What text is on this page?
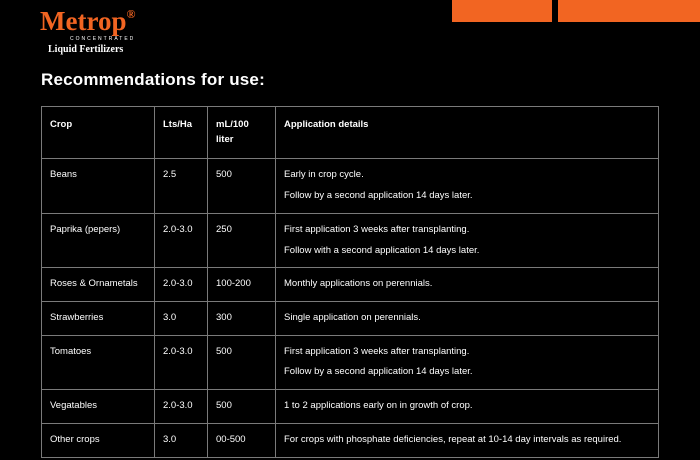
Metrop®
CONCENTRATED
Liquid Fertilizers
Recommendations for use:
Crop	Lts/Ha	mL/100 liter	Application details
Beans	2.5	500	Early in crop cycle.
Follow by a second application 14 days later.

Paprika (pepers)	2.0-3.0	250	First application 3 weeks after transplanting.
Follow with a second application 14 days later.

Roses & Ornametals	2.0-3.0	100-200	Monthly applications on perennials.

Strawberries	3.0	300	Single application on perennials.

Tomatoes	2.0-3.0	500	First application 3 weeks after transplanting.
Follow by a second application 14 days later.

Vegatables	2.0-3.0	500	1 to 2 applications early on in growth of crop.

Other crops	3.0	00-500	For crops with phosphate deficiencies, repeat at 10-14 day intervals as required.
